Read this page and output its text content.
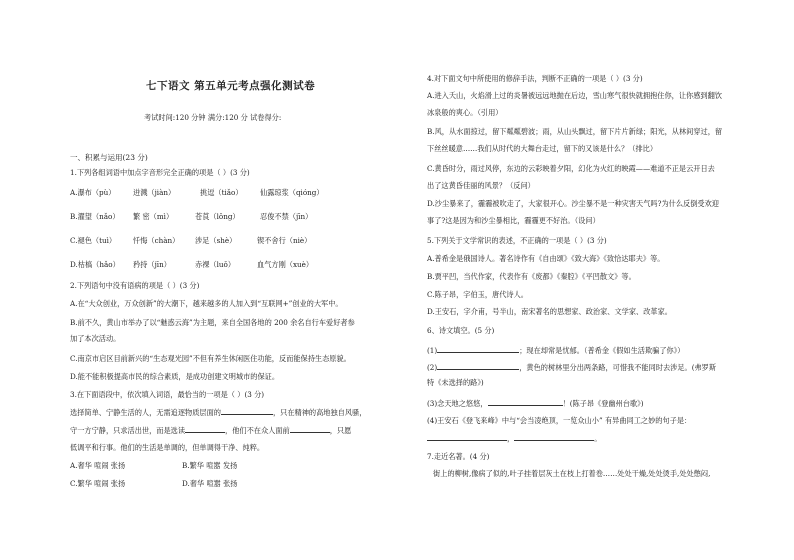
七下语文 第五单元考点强化测试卷
考试时间:120 分钟 满分:120 分 试卷得分:
一、积累与运用(23 分)
1.下列各组词语中加点字音形完全正确的项是（ ）(3 分)
A.瀑布（pù） 迸溅（jiàn）	挑逗（tiǎo） 仙露琼浆（qióng）
B.濯望（nǎo） 繁 密（mì）	苍莨（lǒng）	忍俊不禁（jīn）
C.褪色（tuì） 忏悔（chàn） 涉足（shè）	锲不舍行（niè）
D.枯槁（hǎo） 矜持（jīn）	赤裸（luǒ）	血气方刚（xuè）
2.下列语句中没有语病的项是（ ）(3 分)
A.在“大众创业，万众创新”的大潮下，越来越多的人加入到“互联网+”创业的大军中。
B.前不久，黄山市举办了以“魅惑云海”为主题，来自全国各地的 200 余名自行车爱好者参
加了本次活动。
C.南京市启区目前新兴的“生态观光园”不但有养生休闲医住功能，反而能保持生态原貌。
D.能不能积极提高市民的综合素质，是成功创建文明城市的保证。
3.在下面语段中，依次填入词语，最恰当的一项是（ ）(3 分)
选择简单、宁静生活的人，无需追逐物质层面的	，只在精神的高地独自风骚，
守一方宁静，只求活出世，而是选读	，他们不在众人面前	，只愿
低调平和行事。他们的生活是单调的，但单调得干净、纯粹。
A.奢华 喧闹 张扬	B.繁华 喧嚣 发扬
C.繁华 喧闹 张扬	D.奢华 喧嚣 张扬
4.对下面文句中所使用的修辞手法，判断不正确的一项是（ ）(3 分)
A.进入夭山，火焰滑上过的炎暑被远远地抛在后边，雪山寒气很快就拥抱住你，让你感到翻饮
冰泉般的爽心。（引用）
B.风，从水面掠过，留下粼粼碧波；雨，从山头飘过，留下片片新绿；阳光，从林间穿过，留
下丝丝暖意……我们从时代的大舞台走过，留下的又该是什么？（排比）
C.黄昏时分，雨过风停，东边的云彩映着夕阳，幻化为火红的映霞——难道不正是云开日去
出了这黄昏佳丽的风景？（反问）
D.沙尘暴来了，霾霾被吹走了，大家很开心。沙尘暴不是一种灾害天气吗?为什么反倒受欢迎
事了?这是因为和沙尘暴相比，霾霾更不好治。（设问）
5.下列关于文学常识的表述，不正确的一项是（ ）(3 分)
A.普希金是俄国诗人。著名诗作有《自由颂》《致大海》《致恰达耶夫》等。
B.贾平凹，当代作家，代表作有《废都》《秦腔》《平凹散文》等。
C.陈子昂，字伯玉，唐代诗人。
D.王安石，字介甫，号半山，南宋著名的思想家、政治家、文学家、改革家。
6、诗文填空。(5 分)
(1)	；现在却常是忧郁。（普希金《假如生活欺骗了你》）
(2)	，黄色的树林里分出两条路，可惜我不能同时去涉足。(弗罗斯
特《未选择的路》)
(3)念天地之悠悠，	！(陈子昂《登幽州台歌》)
(4)王安石《登飞来峰》中与“会当凌绝顶，一览众山小” 有异曲同工之妙的句子是：
，	。
7.走近名著。(4 分)
街上的柳树,像病了似的,叶子挂着层灰土在枝上打着卷……处处干燥,处处烫手,处处憋闷,
